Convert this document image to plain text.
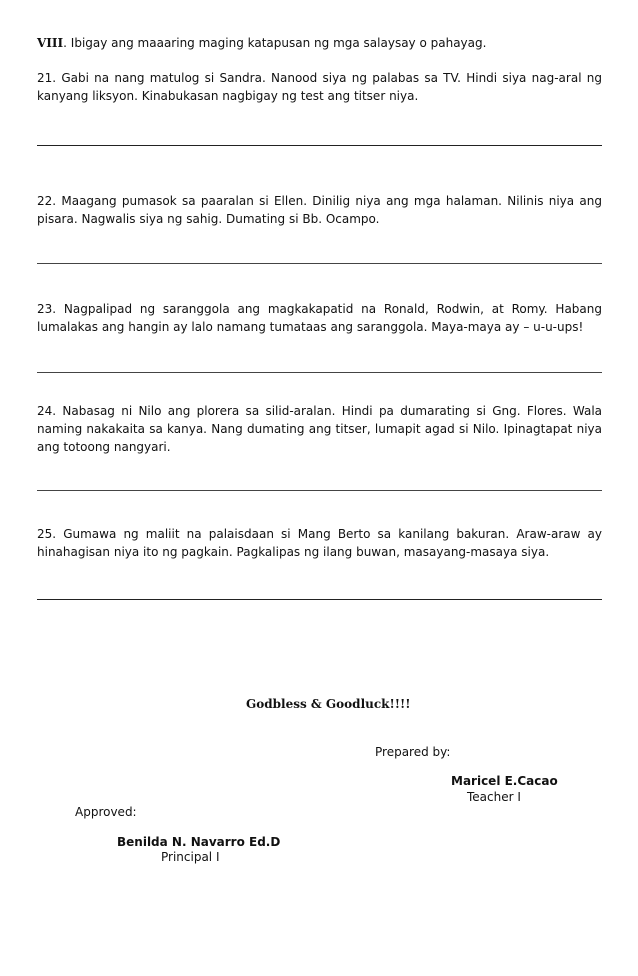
VIII. Ibigay ang maaaring maging katapusan ng mga salaysay o pahayag.
21. Gabi na nang matulog si Sandra. Nanood siya ng palabas sa TV. Hindi siya nag-aral ng kanyang liksyon. Kinabukasan nagbigay ng test ang titser niya.
22. Maagang pumasok sa paaralan si Ellen. Dinilig niya ang mga halaman. Nilinis niya ang pisara. Nagwalis siya ng sahig. Dumating si Bb. Ocampo.
23. Nagpalipad ng saranggola ang magkakapatid na Ronald, Rodwin, at Romy. Habang lumalakas ang hangin ay lalo namang tumataas ang saranggola. Maya-maya ay – u-u-ups!
24. Nabasag ni Nilo ang plorera sa silid-aralan. Hindi pa dumarating si Gng. Flores. Wala naming nakakaita sa kanya. Nang dumating ang titser, lumapit agad si Nilo. Ipinagtapat niya ang totoong nangyari.
25. Gumawa ng maliit na palaisdaan si Mang Berto sa kanilang bakuran. Araw-araw ay hinahagisan niya ito ng pagkain. Pagkalipas ng ilang buwan, masayang-masaya siya.
Godbless & Goodluck!!!!
Prepared by:
Maricel E.Cacao
Teacher I
Approved:
Benilda N. Navarro Ed.D
Principal I
